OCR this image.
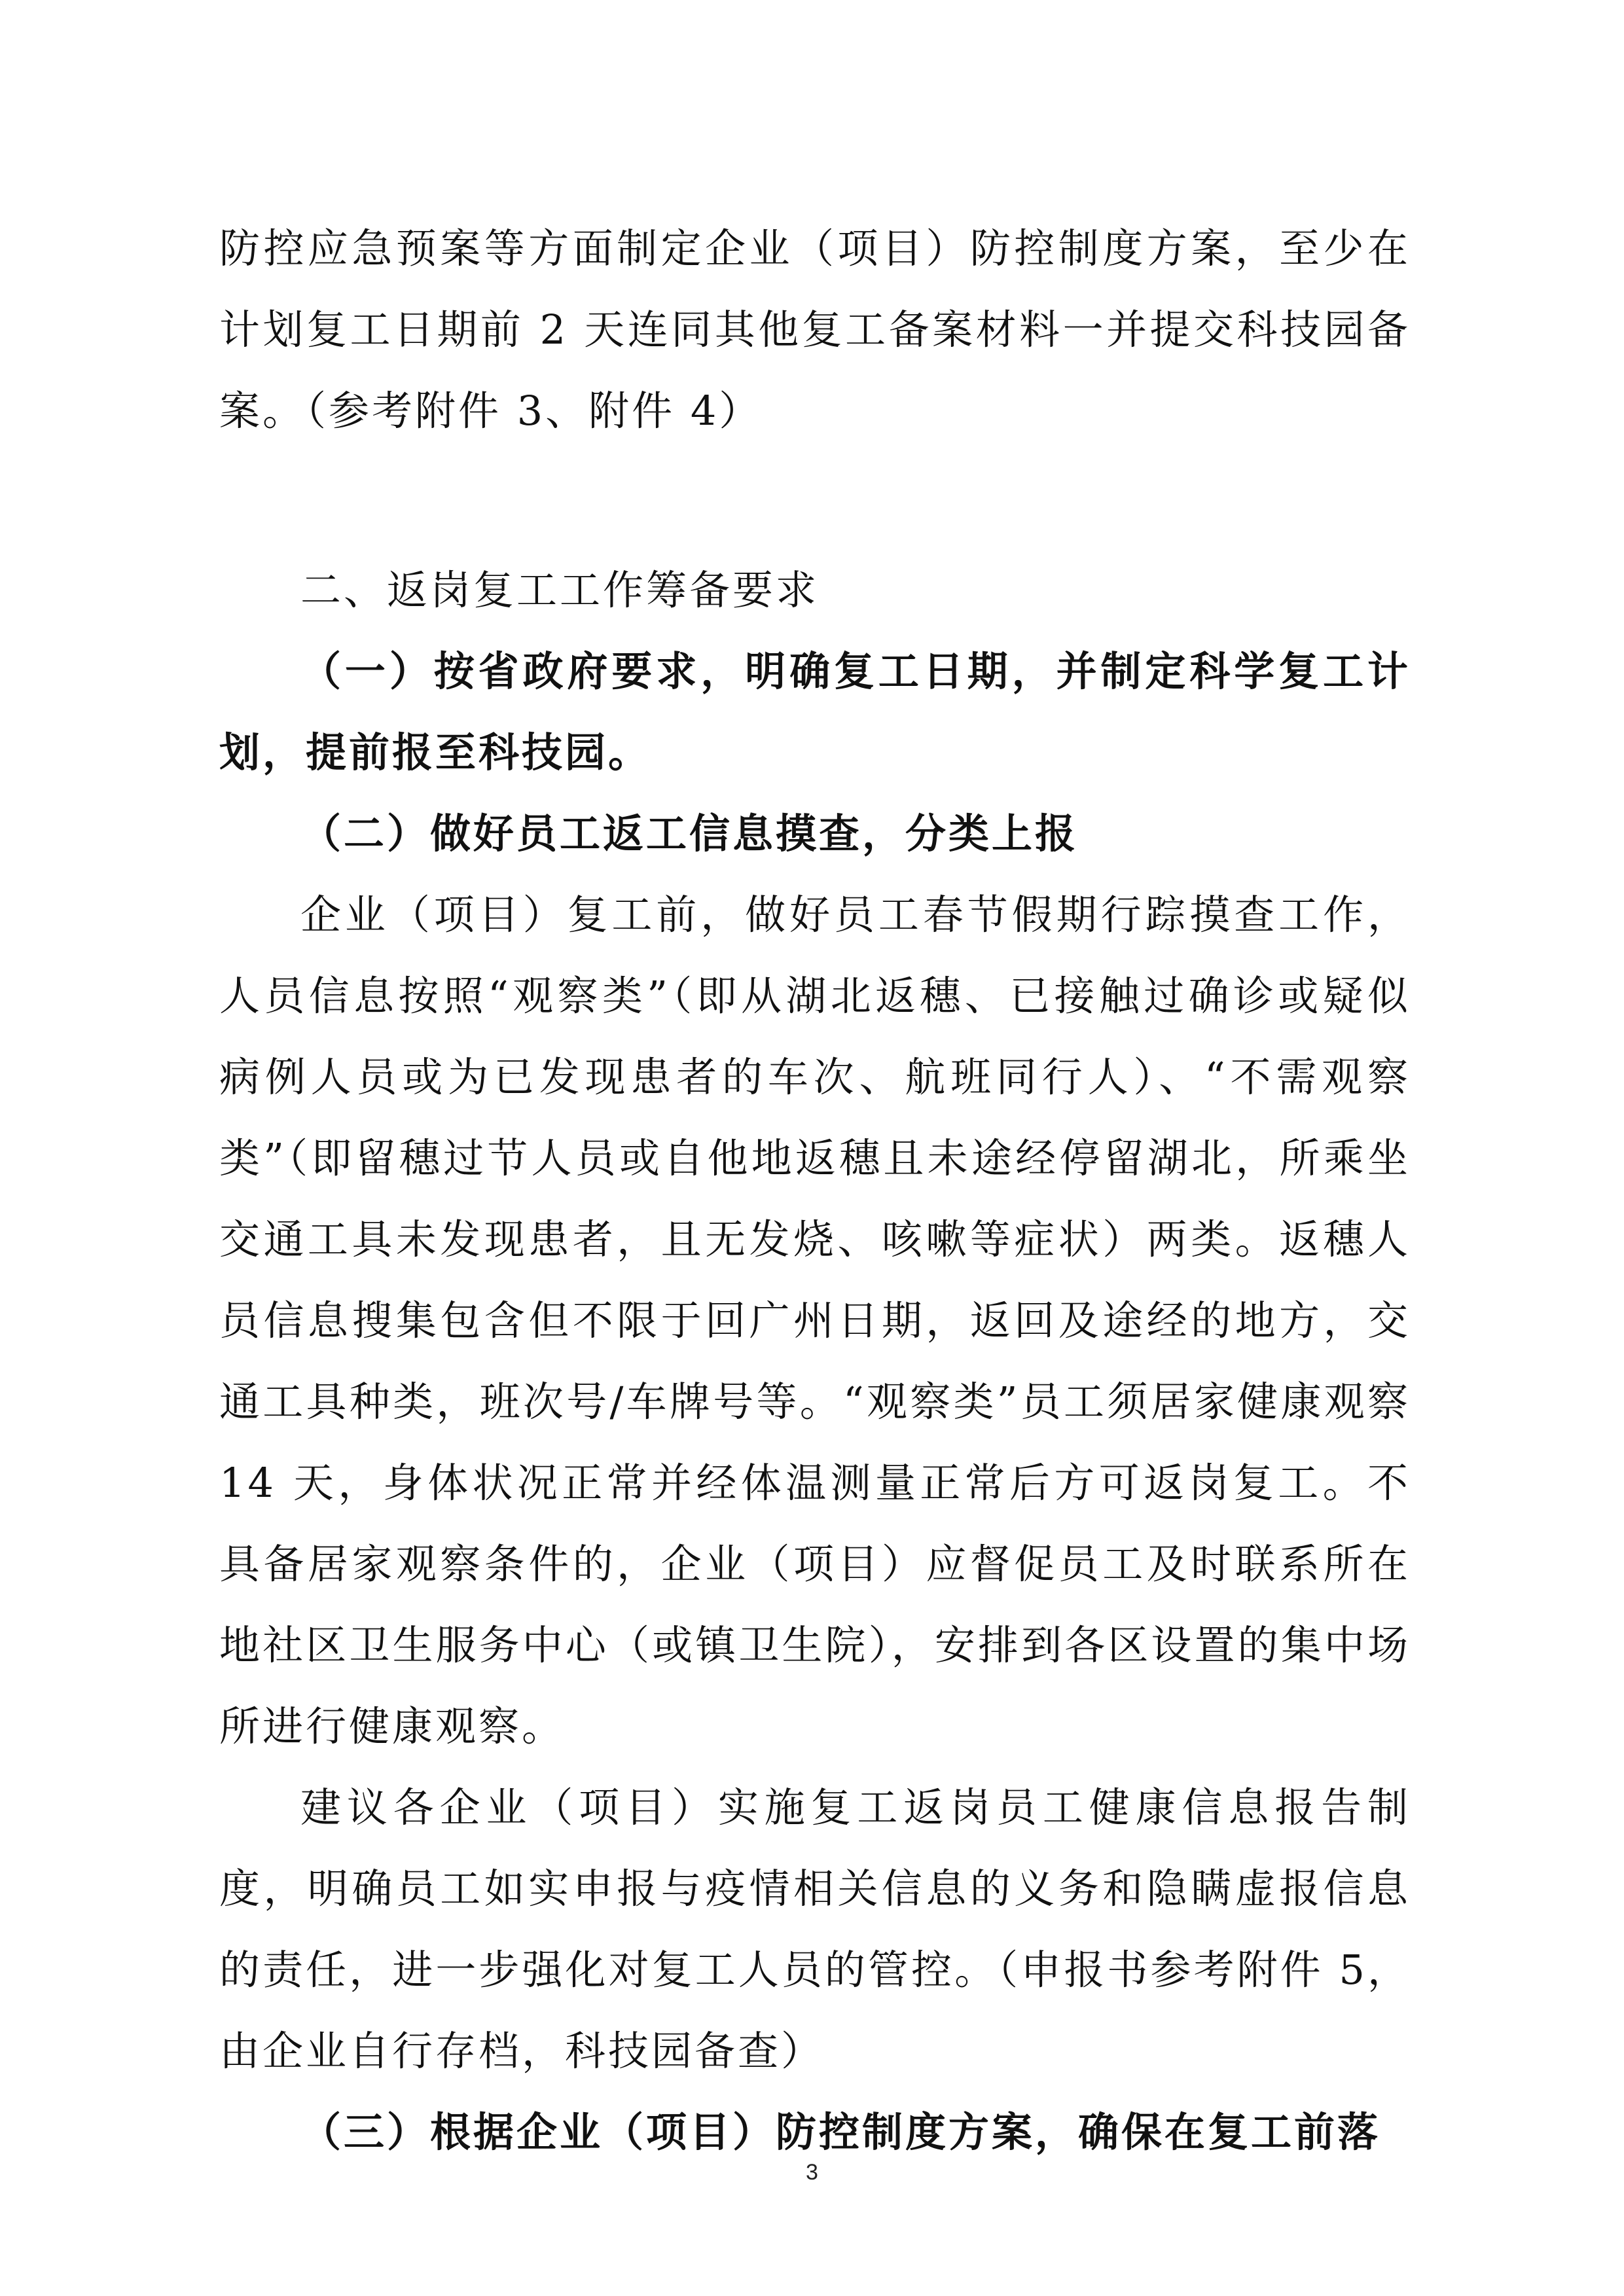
防控应急预案等方面制定企业（项目）防控制度方案，至少在计划复工日期前 2 天连同其他复工备案材料一并提交科技园备案。（参考附件 3、附件 4）

二、返岗复工工作筹备要求

（一）按省政府要求，明确复工日期，并制定科学复工计划，提前报至科技园。

（二）做好员工返工信息摸查，分类上报

企业（项目）复工前，做好员工春节假期行踪摸查工作，人员信息按照“观察类”（即从湖北返穗、已接触过确诊或疑似病例人员或为已发现患者的车次、航班同行人）、“不需观察类”（即留穗过节人员或自他地返穗且未途经停留湖北，所乘坐交通工具未发现患者，且无发烧、咳嗽等症状）两类。返穗人员信息搜集包含但不限于回广州日期，返回及途经的地方，交通工具种类，班次号/车牌号等。“观察类”员工须居家健康观察 14 天，身体状况正常并经体温测量正常后方可返岗复工。不具备居家观察条件的，企业（项目）应督促员工及时联系所在地社区卫生服务中心（或镇卫生院），安排到各区设置的集中场所进行健康观察。

建议各企业（项目）实施复工返岗员工健康信息报告制度，明确员工如实申报与疫情相关信息的义务和隐瞒虚报信息的责任，进一步强化对复工人员的管控。（申报书参考附件 5，由企业自行存档，科技园备查）

（三）根据企业（项目）防控制度方案，确保在复工前落

3
